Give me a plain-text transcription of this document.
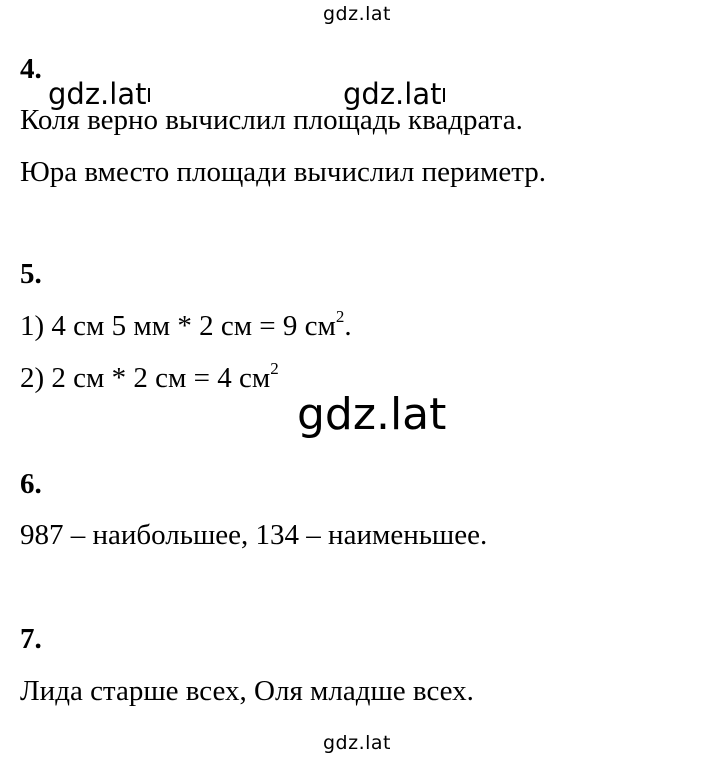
gdz.lat
4.
Коля верно вычислил площадь квадрата.
Юра вместо площади вычислил периметр.
gdz.lat	gdz.lat
5.
1) 4 см 5 мм * 2 см = 9 $см^2$.
2) 2 см * 2 см = 4 $см^2$
gdz.lat
6.
987 – наибольшее, 134 – наименьшее.
7.
Лида старше всех, Оля младше всех.
gdz.lat
